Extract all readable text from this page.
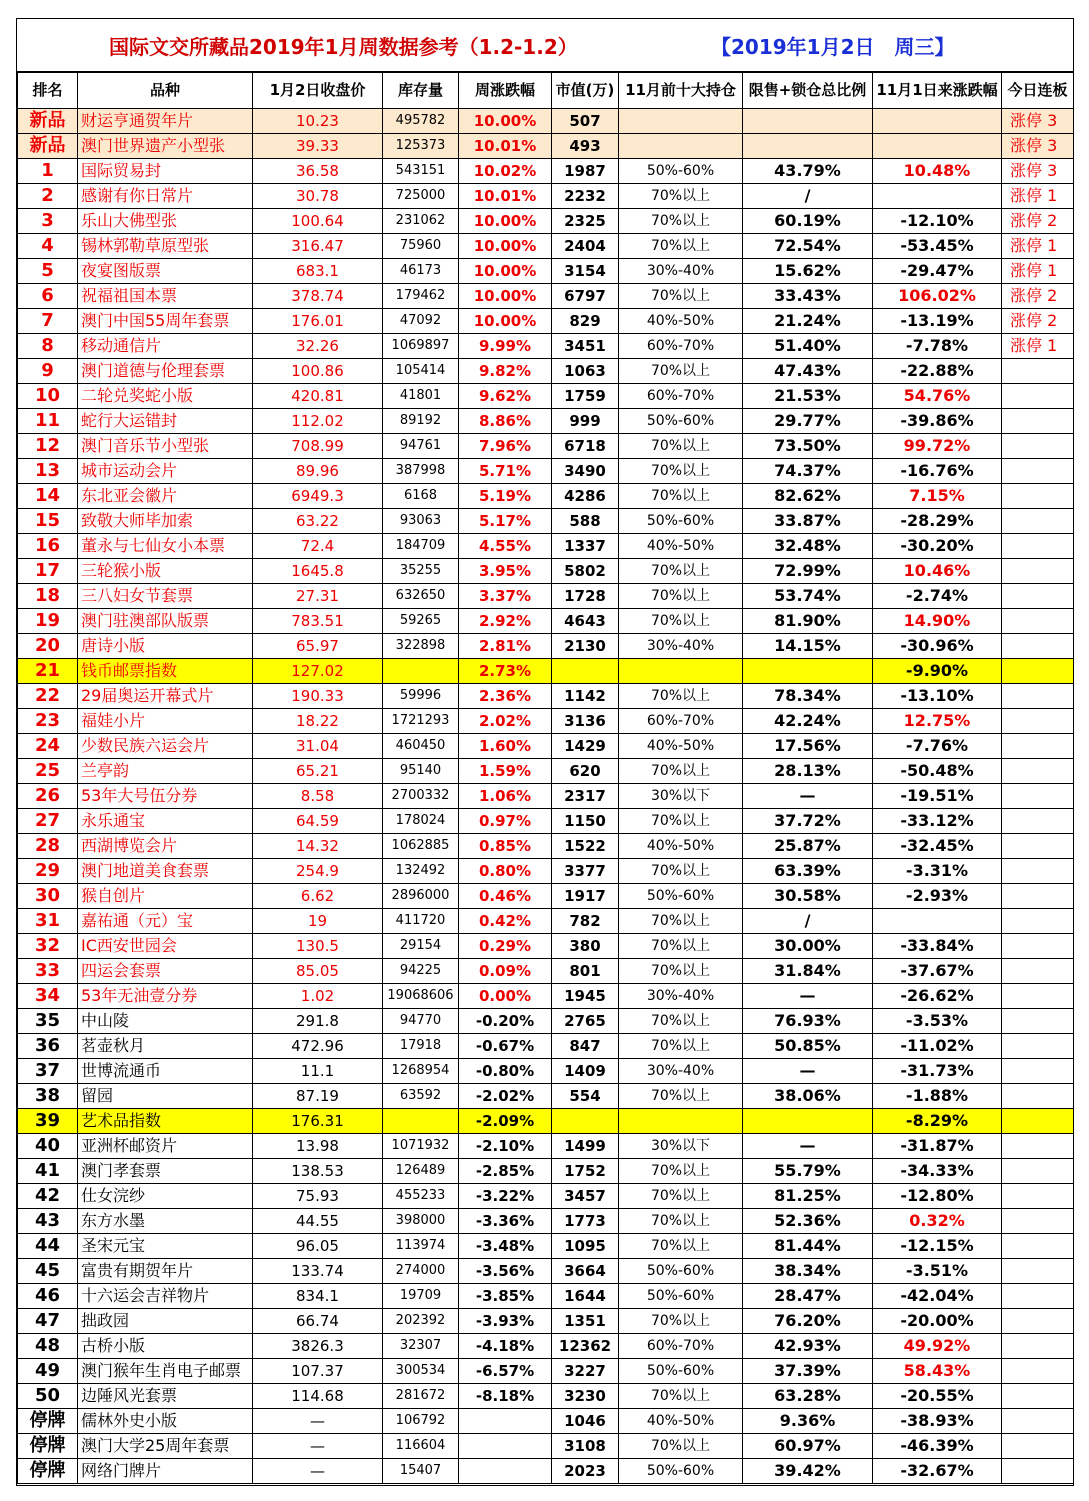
国际文交所藏品2019年1月周数据参考（1.2-1.2）	【2019年1月2日　周三】
排名	品种	1月2日收盘价	库存量	周涨跌幅	市值(万)	11月前十大持仓	限售+锁仓总比例	11月1日来涨跌幅	今日连板
新品	财运亨通贺年片	10.23	495782	10.00%	507				涨停 3
新品	澳门世界遗产小型张	39.33	125373	10.01%	493				涨停 3
1	国际贸易封	36.58	543151	10.02%	1987	50%-60%	43.79%	10.48%	涨停 3
2	感谢有你日常片	30.78	725000	10.01%	2232	70%以上	/		涨停 1
3	乐山大佛型张	100.64	231062	10.00%	2325	70%以上	60.19%	-12.10%	涨停 2
4	锡林郭勒草原型张	316.47	75960	10.00%	2404	70%以上	72.54%	-53.45%	涨停 1
5	夜宴图版票	683.1	46173	10.00%	3154	30%-40%	15.62%	-29.47%	涨停 1
6	祝福祖国本票	378.74	179462	10.00%	6797	70%以上	33.43%	106.02%	涨停 2
7	澳门中国55周年套票	176.01	47092	10.00%	829	40%-50%	21.24%	-13.19%	涨停 2
8	移动通信片	32.26	1069897	9.99%	3451	60%-70%	51.40%	-7.78%	涨停 1
9	澳门道德与伦理套票	100.86	105414	9.82%	1063	70%以上	47.43%	-22.88%	
10	二轮兑奖蛇小版	420.81	41801	9.62%	1759	60%-70%	21.53%	54.76%	
11	蛇行大运错封	112.02	89192	8.86%	999	50%-60%	29.77%	-39.86%	
12	澳门音乐节小型张	708.99	94761	7.96%	6718	70%以上	73.50%	99.72%	
13	城市运动会片	89.96	387998	5.71%	3490	70%以上	74.37%	-16.76%	
14	东北亚会徽片	6949.3	6168	5.19%	4286	70%以上	82.62%	7.15%	
15	致敬大师毕加索	63.22	93063	5.17%	588	50%-60%	33.87%	-28.29%	
16	董永与七仙女小本票	72.4	184709	4.55%	1337	40%-50%	32.48%	-30.20%	
17	三轮猴小版	1645.8	35255	3.95%	5802	70%以上	72.99%	10.46%	
18	三八妇女节套票	27.31	632650	3.37%	1728	70%以上	53.74%	-2.74%	
19	澳门驻澳部队版票	783.51	59265	2.92%	4643	70%以上	81.90%	14.90%	
20	唐诗小版	65.97	322898	2.81%	2130	30%-40%	14.15%	-30.96%	
21	钱币邮票指数	127.02		2.73%				-9.90%	
22	29届奥运开幕式片	190.33	59996	2.36%	1142	70%以上	78.34%	-13.10%	
23	福娃小片	18.22	1721293	2.02%	3136	60%-70%	42.24%	12.75%	
24	少数民族六运会片	31.04	460450	1.60%	1429	40%-50%	17.56%	-7.76%	
25	兰亭韵	65.21	95140	1.59%	620	70%以上	28.13%	-50.48%	
26	53年大号伍分券	8.58	2700332	1.06%	2317	30%以下	—	-19.51%	
27	永乐通宝	64.59	178024	0.97%	1150	70%以上	37.72%	-33.12%	
28	西湖博览会片	14.32	1062885	0.85%	1522	40%-50%	25.87%	-32.45%	
29	澳门地道美食套票	254.9	132492	0.80%	3377	70%以上	63.39%	-3.31%	
30	猴自创片	6.62	2896000	0.46%	1917	50%-60%	30.58%	-2.93%	
31	嘉祐通（元）宝	19	411720	0.42%	782	70%以上	/		
32	IC西安世园会	130.5	29154	0.29%	380	70%以上	30.00%	-33.84%	
33	四运会套票	85.05	94225	0.09%	801	70%以上	31.84%	-37.67%	
34	53年无油壹分券	1.02	19068606	0.00%	1945	30%-40%	—	-26.62%	
35	中山陵	291.8	94770	-0.20%	2765	70%以上	76.93%	-3.53%	
36	茗壶秋月	472.96	17918	-0.67%	847	70%以上	50.85%	-11.02%	
37	世博流通币	11.1	1268954	-0.80%	1409	30%-40%	—	-31.73%	
38	留园	87.19	63592	-2.02%	554	70%以上	38.06%	-1.88%	
39	艺术品指数	176.31		-2.09%				-8.29%	
40	亚洲杯邮资片	13.98	1071932	-2.10%	1499	30%以下	—	-31.87%	
41	澳门孝套票	138.53	126489	-2.85%	1752	70%以上	55.79%	-34.33%	
42	仕女浣纱	75.93	455233	-3.22%	3457	70%以上	81.25%	-12.80%	
43	东方水墨	44.55	398000	-3.36%	1773	70%以上	52.36%	0.32%	
44	圣宋元宝	96.05	113974	-3.48%	1095	70%以上	81.44%	-12.15%	
45	富贵有期贺年片	133.74	274000	-3.56%	3664	50%-60%	38.34%	-3.51%	
46	十六运会吉祥物片	834.1	19709	-3.85%	1644	50%-60%	28.47%	-42.04%	
47	拙政园	66.74	202392	-3.93%	1351	70%以上	76.20%	-20.00%	
48	古桥小版	3826.3	32307	-4.18%	12362	60%-70%	42.93%	49.92%	
49	澳门猴年生肖电子邮票	107.37	300534	-6.57%	3227	50%-60%	37.39%	58.43%	
50	边陲风光套票	114.68	281672	-8.18%	3230	70%以上	63.28%	-20.55%	
停牌	儒林外史小版	—	106792		1046	40%-50%	9.36%	-38.93%	
停牌	澳门大学25周年套票	—	116604		3108	70%以上	60.97%	-46.39%	
停牌	网络门牌片	—	15407		2023	50%-60%	39.42%	-32.67%	
